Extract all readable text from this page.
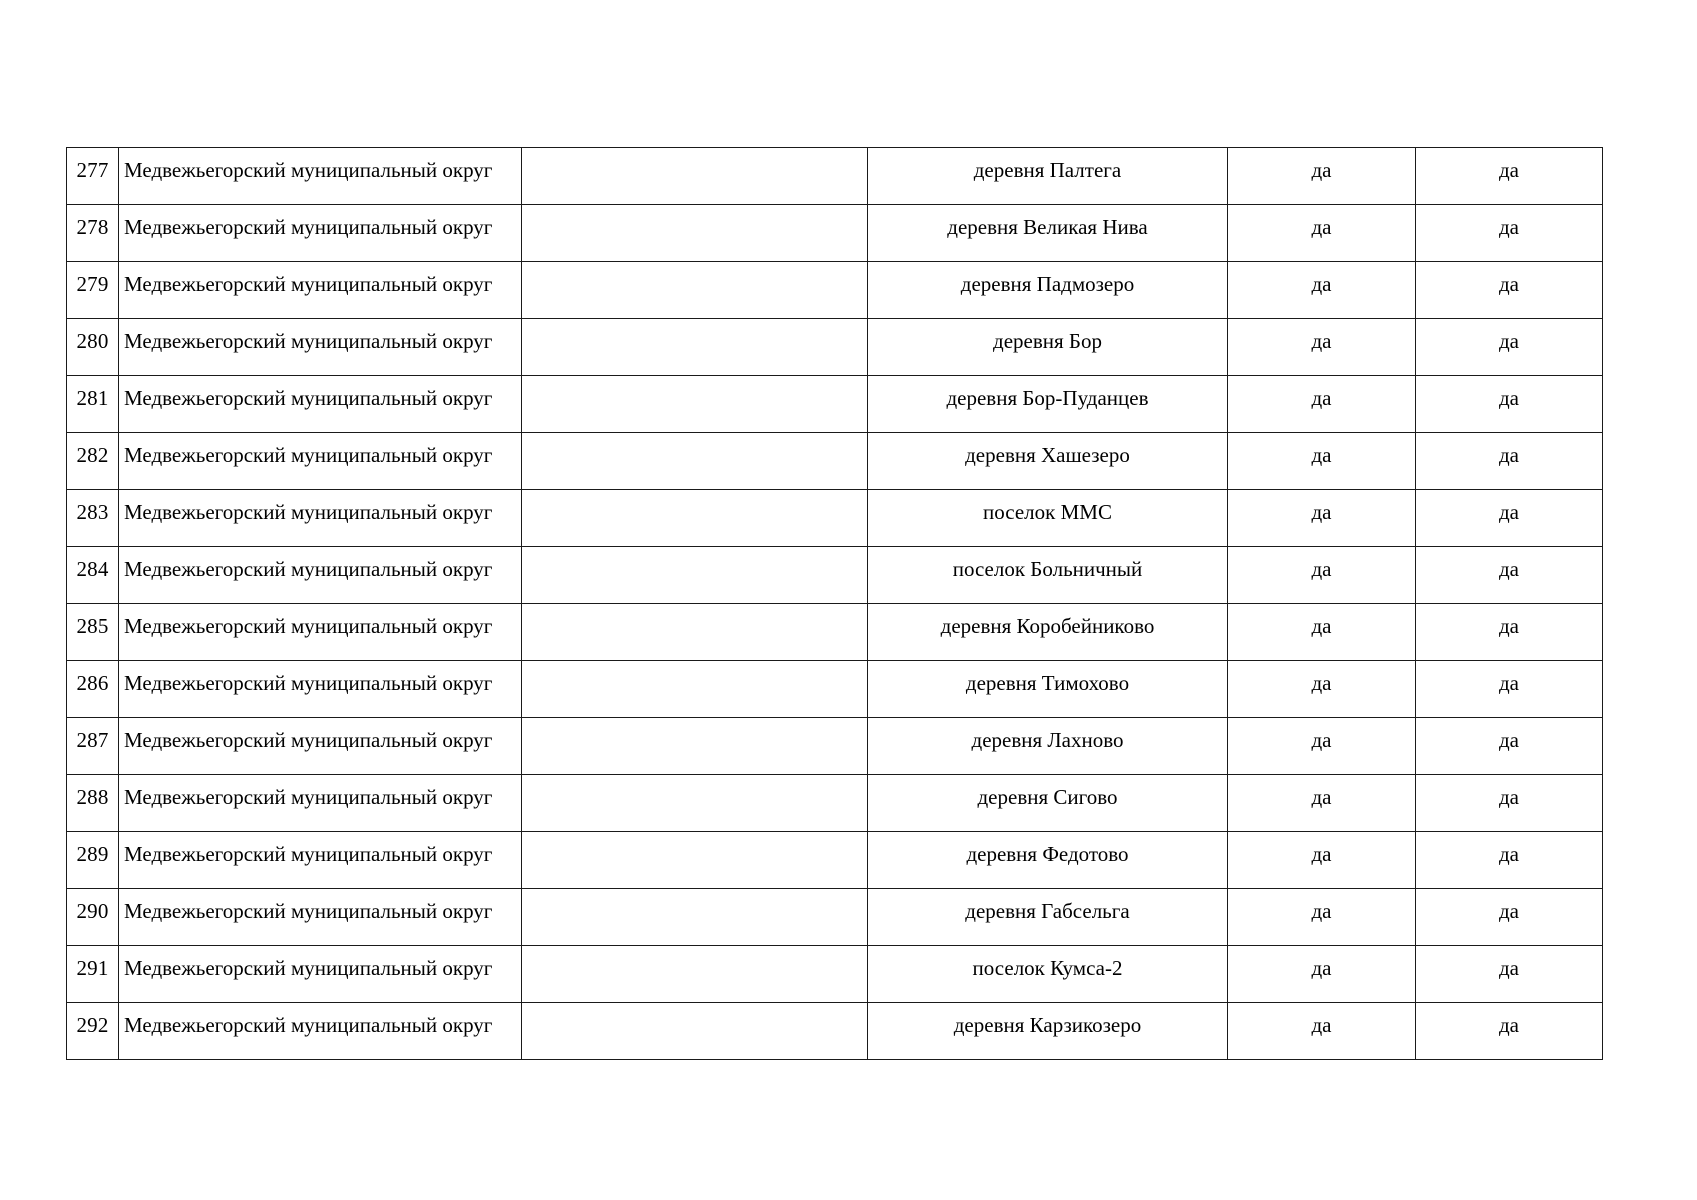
277	Медвежьегорский муниципальный округ		деревня Палтега	да	да
278	Медвежьегорский муниципальный округ		деревня Великая Нива	да	да
279	Медвежьегорский муниципальный округ		деревня Падмозеро	да	да
280	Медвежьегорский муниципальный округ		деревня Бор	да	да
281	Медвежьегорский муниципальный округ		деревня Бор-Пуданцев	да	да
282	Медвежьегорский муниципальный округ		деревня Хашезеро	да	да
283	Медвежьегорский муниципальный округ		поселок ММС	да	да
284	Медвежьегорский муниципальный округ		поселок Больничный	да	да
285	Медвежьегорский муниципальный округ		деревня Коробейниково	да	да
286	Медвежьегорский муниципальный округ		деревня Тимохово	да	да
287	Медвежьегорский муниципальный округ		деревня Лахново	да	да
288	Медвежьегорский муниципальный округ		деревня Сигово	да	да
289	Медвежьегорский муниципальный округ		деревня Федотово	да	да
290	Медвежьегорский муниципальный округ		деревня Габсельга	да	да
291	Медвежьегорский муниципальный округ		поселок Кумса-2	да	да
292	Медвежьегорский муниципальный округ		деревня Карзикозеро	да	да
